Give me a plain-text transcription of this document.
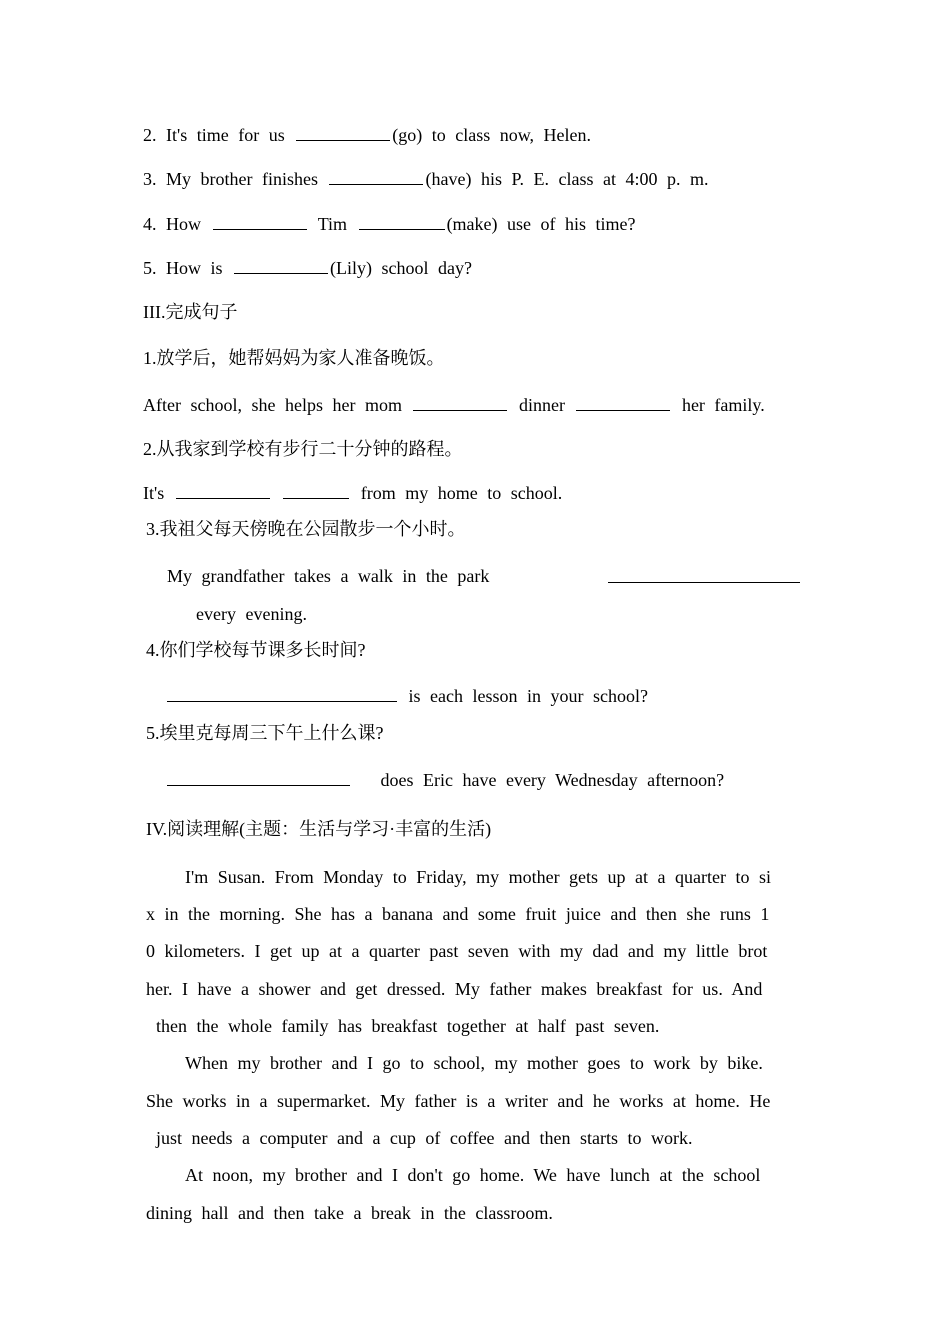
2. It's time for us	(go) to class now, Helen.
3. My brother finishes	(have) his P. E. class at 4:00 p. m.
4. How	Tim	(make) use of his time?
5. How is	(Lily) school day?
III.完成句子
1.放学后，她帮妈妈为家人准备晚饭。
After school, she helps her mom	dinner	her family.
2.从我家到学校有步行二十分钟的路程。
It's	from my home to school.
3.我祖父每天傍晚在公园散步一个小时。
My grandfather takes a walk in the park
every evening.
4.你们学校每节课多长时间?
is each lesson in your school?
5.埃里克每周三下午上什么课?
does Eric have every Wednesday afternoon?
IV.阅读理解(主题：生活与学习·丰富的生活)
I'm Susan. From Monday to Friday, my mother gets up at a quarter to si
x in the morning. She has a banana and some fruit juice and then she runs 1
0 kilometers. I get up at a quarter past seven with my dad and my little brot
her. I have a shower and get dressed. My father makes breakfast for us. And
then the whole family has breakfast together at half past seven.
When my brother and I go to school, my mother goes to work by bike.
She works in a supermarket. My father is a writer and he works at home. He
just needs a computer and a cup of coffee and then starts to work.
At noon, my brother and I don't go home. We have lunch at the school
dining hall and then take a break in the classroom.
